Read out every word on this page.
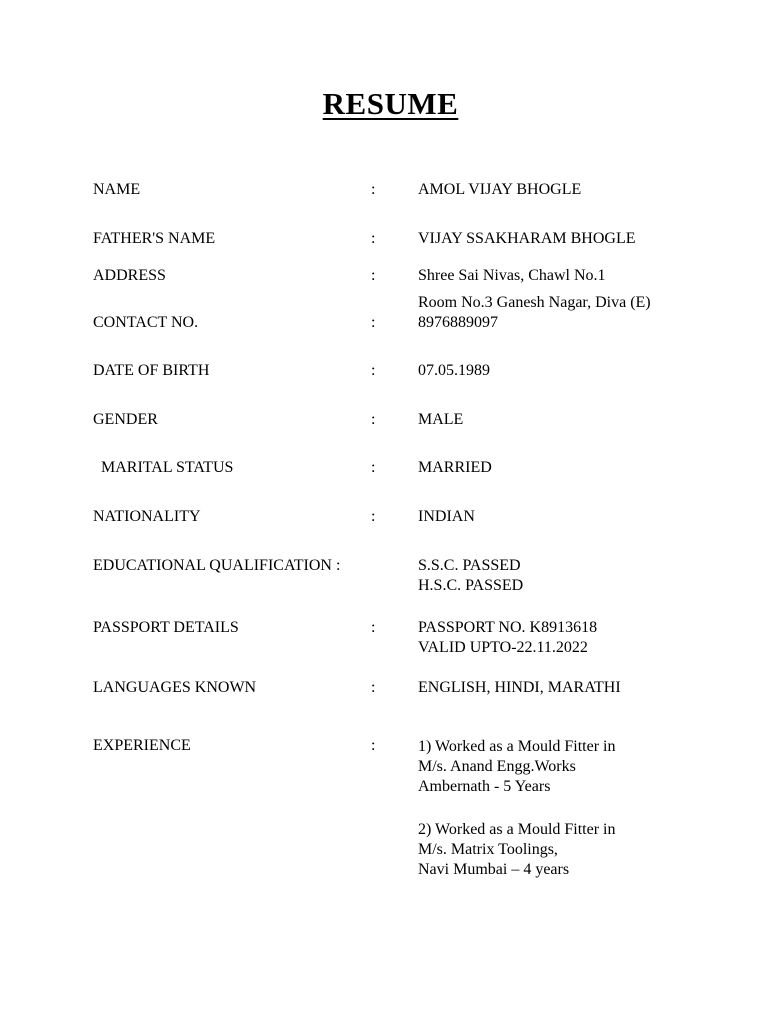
RESUME
NAME	:	AMOL VIJAY BHOGLE
FATHER'S NAME	:	VIJAY SSAKHARAM BHOGLE
ADDRESS	:	Shree Sai Nivas, Chawl No.1
Room No.3 Ganesh Nagar, Diva (E)
CONTACT NO.	:	8976889097
DATE OF BIRTH	:	07.05.1989
GENDER	:	MALE
MARITAL STATUS	:	MARRIED
NATIONALITY	:	INDIAN
EDUCATIONAL QUALIFICATION :	S.S.C. PASSED
H.S.C. PASSED
PASSPORT DETAILS	:	PASSPORT NO. K8913618
VALID UPTO-22.11.2022
LANGUAGES KNOWN	:	ENGLISH, HINDI, MARATHI
EXPERIENCE	:	1) Worked as a Mould Fitter in
M/s. Anand Engg.Works
Ambernath - 5 Years
2) Worked as a Mould Fitter in
M/s. Matrix Toolings,
Navi Mumbai – 4 years
